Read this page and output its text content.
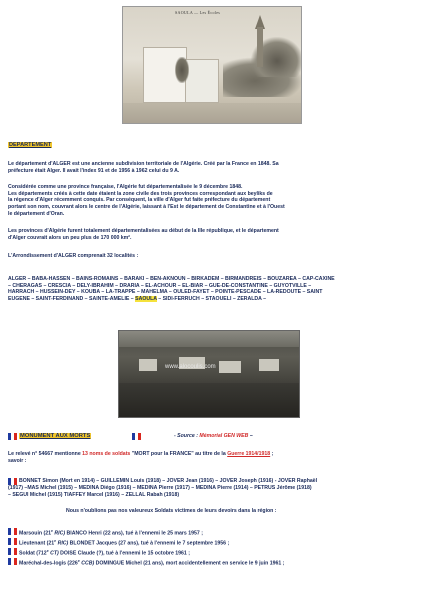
SAOULA — Les Écoles
DEPARTEMENT
Le département d'ALGER est une ancienne subdivision territoriale de l'Algérie. Créé par la France en 1848. Sa
préfecture était Alger. Il avait l'index 91 et de 1956 à 1962 celui du 9 A.
Considérée comme une province française, l'Algérie fut départementalisée le 9 décembre 1848.
Les départements créés à cette date étaient la zone civile des trois provinces correspondant aux beyliks de
la régence d'Alger récemment conquis. Par conséquent, la ville d'Alger fut faite préfecture du département
portant son nom, couvrant alors le centre de l'Algérie, laissant à l'Est le département de Constantine et à l'Ouest
le département d'Oran.
Les provinces d'Algérie furent totalement départementalisées au début de la IIIe république, et le département
d'Alger couvrait alors un peu plus de 170 000 km².
L'Arrondissement d'ALGER comprenait 32 localités :
ALGER – BABA-HASSEN – BAINS-ROMAINS – BARAKI – BEN-AKNOUN – BIRKADEM – BIRMANDREIS – BOUZAREA – CAP-CAXINE
– CHERAGAS – CRESCIA – DELY-IBRAHIM – DRARIA – EL-ACHOUR – EL-BIAR – GUE-DE-CONSTANTINE – GUYOTVILLE –
HARRACH – HUSSEIN-DEY – KOUBA – LA-TRAPPE – MAHELMA – OULED-FAYET – POINTE-PESCADE – LA-REDOUTE – SAINT
EUGENE – SAINT-FERDINAND – SAINTE-AMELIE – SAOULA – SIDI-FERRUCH – STAOUELI – ZERALDA –
www.alocoulis.com
MONUMENT AUX MORTS	- Source : Mémorial GEN WEB –
Le relevé n° 54667 mentionne 13 noms de soldats "MORT pour la FRANCE" au titre de la Guerre 1914/1918 ;
savoir :
BONNET Simon (Mort en 1914) – GUILLEMIN Louis (1918) – JOVER Jean (1916) – JOVER Joseph (1916) - JOVER Raphaël
(1917) –MAS Michel (1915) – MEDINA Diégo (1916) – MEDINA Pierre (1917) – MEDINA Pierre (1914) – PETRUS Jérôme (1918)
– SEGUI Michel (1915) TIAFFEY Marcel (1916) – ZELLAL Rabah (1918)
Nous n'oublions pas nos valeureux Soldats victimes de leurs devoirs dans la région :
Marsouin (21e RIC) BIANCO Henri (22 ans), tué à l'ennemi le 25 mars 1957 ;
Lieutenant (21e RIC) BLONDET Jacques (27 ans), tué à l'ennemi le 7 septembre 1956 ;
Soldat (712e CT) DOISE Claude (?), tué à l'ennemi le 15 octobre 1961 ;
Maréchal-des-logis (226e CCB) DOMINGUE Michel (21 ans), mort accidentellement en service le 9 juin 1961 ;
